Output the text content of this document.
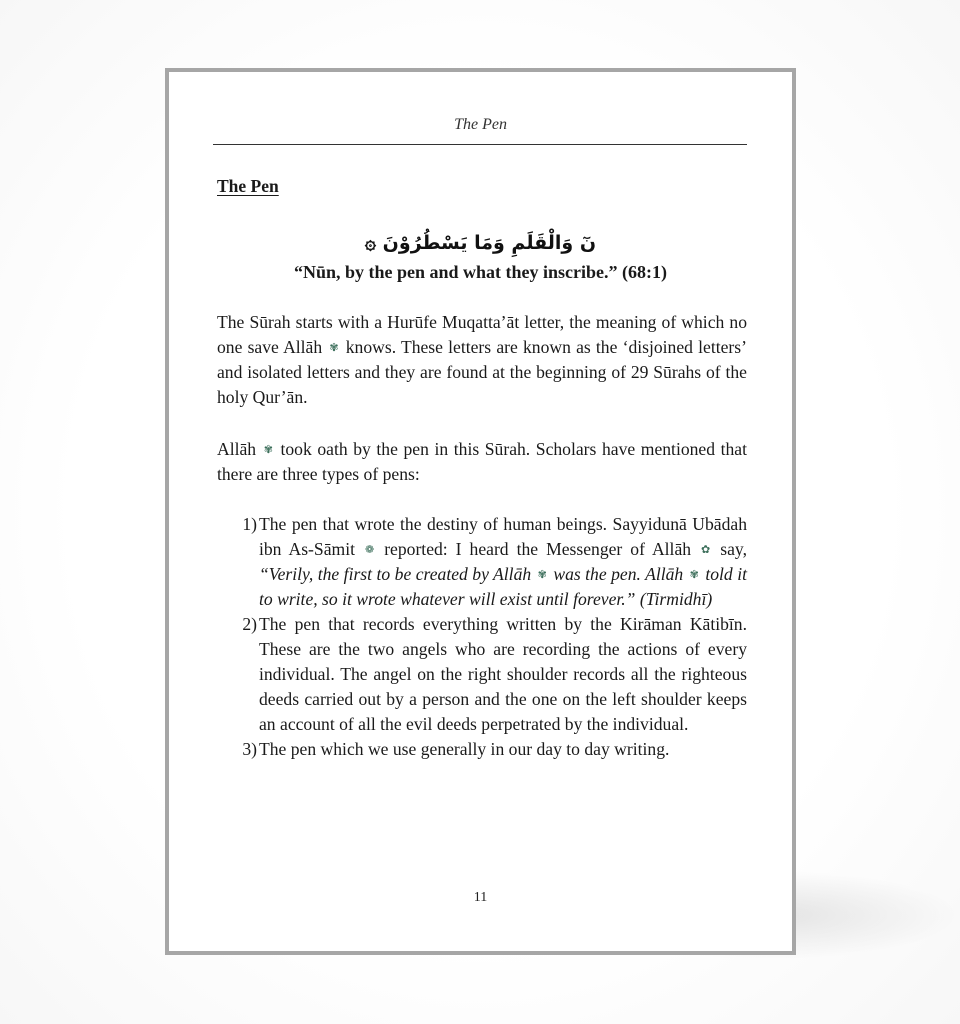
The Pen
The Pen
نٓ وَالْقَلَمِ وَمَا يَسْطُرُوْنَ ۞
“Nūn, by the pen and what they inscribe.” (68:1)

The Sūrah starts with a Hurūfe Muqatta’āt letter, the meaning of which no one save Allāh ✾ knows. These letters are known as the ‘disjoined letters’ and isolated letters and they are found at the beginning of 29 Sūrahs of the holy Qur’ān.

Allāh ✾ took oath by the pen in this Sūrah. Scholars have mentioned that there are three types of pens:

1) The pen that wrote the destiny of human beings. Sayyidunā Ubādah ibn As-Sāmit ❁ reported: I heard the Messenger of Allāh ✿ say, “Verily, the first to be created by Allāh ✾ was the pen. Allāh ✾ told it to write, so it wrote whatever will exist until forever.” (Tirmidhī)
2) The pen that records everything written by the Kirāman Kātibīn. These are the two angels who are recording the actions of every individual. The angel on the right shoulder records all the righteous deeds carried out by a person and the one on the left shoulder keeps an account of all the evil deeds perpetrated by the individual.
3) The pen which we use generally in our day to day writing.
11
